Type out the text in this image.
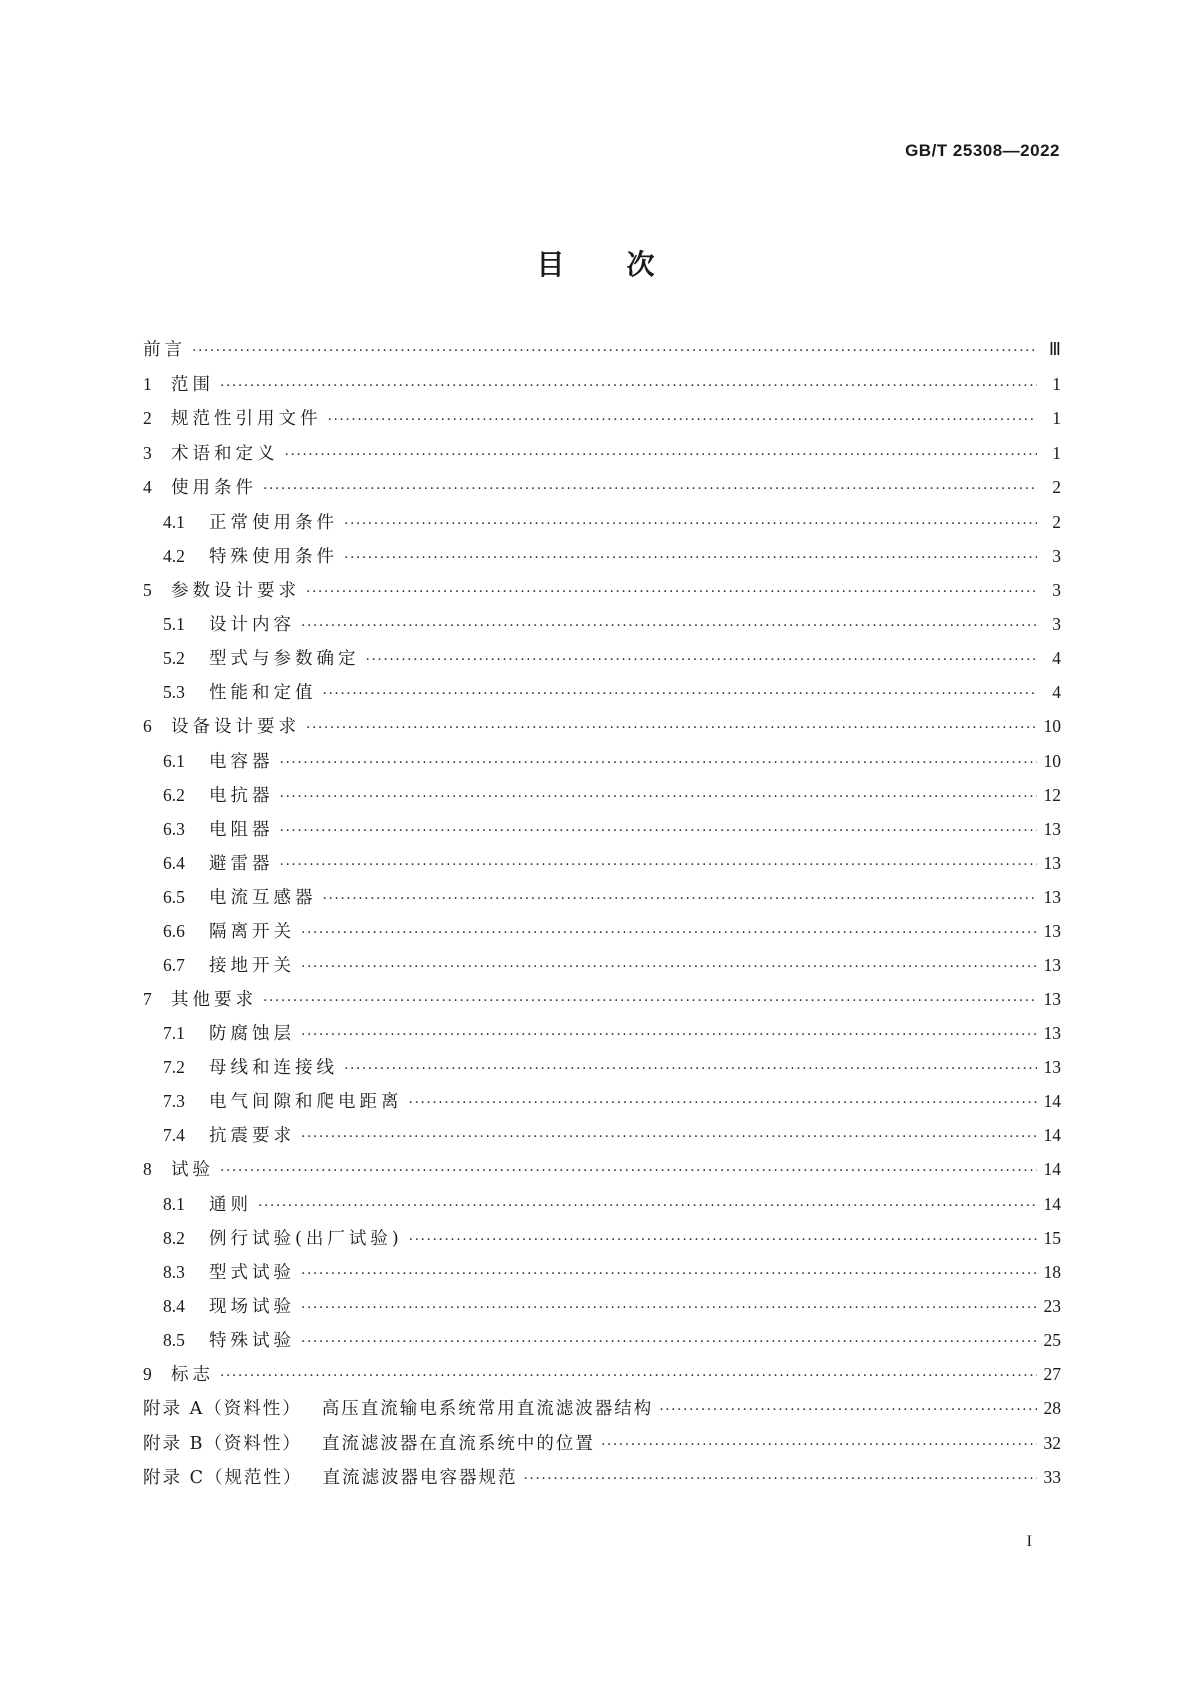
GB/T 25308—2022
目 次
前言 ·····	Ⅲ
1	范围 ·····	1
2	规范性引用文件 ·····	1
3	术语和定义 ·····	1
4	使用条件 ·····	2
4.1	正常使用条件 ·····	2
4.2	特殊使用条件 ·····	3
5	参数设计要求 ·····	3
5.1	设计内容 ·····	3
5.2	型式与参数确定 ·····	4
5.3	性能和定值 ·····	4
6	设备设计要求 ·····	10
6.1	电容器 ·····	10
6.2	电抗器 ·····	12
6.3	电阻器 ·····	13
6.4	避雷器 ·····	13
6.5	电流互感器 ·····	13
6.6	隔离开关 ·····	13
6.7	接地开关 ·····	13
7	其他要求 ·····	13
7.1	防腐蚀层 ·····	13
7.2	母线和连接线 ·····	13
7.3	电气间隙和爬电距离 ·····	14
7.4	抗震要求 ·····	14
8	试验 ·····	14
8.1	通则 ·····	14
8.2	例行试验(出厂试验) ·····	15
8.3	型式试验 ·····	18
8.4	现场试验 ·····	23
8.5	特殊试验 ·····	25
9	标志 ·····	27
附录 A（资料性） 高压直流输电系统常用直流滤波器结构 ·····	28
附录 B（资料性） 直流滤波器在直流系统中的位置 ·····	32
附录 C（规范性） 直流滤波器电容器规范 ·····	33
I
